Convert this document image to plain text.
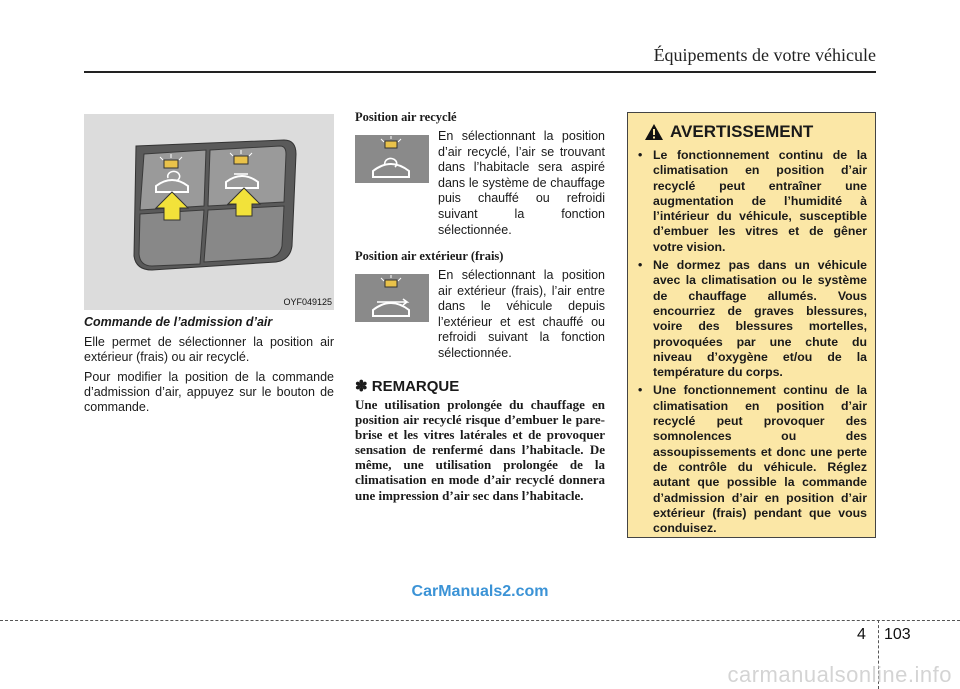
Équipements de votre véhicule
OYF049125
Commande de l’admission d’air

Elle permet de sélectionner la position air extérieur (frais) ou air recyclé.

Pour modifier la position de la commande d’admission d’air, appuyez sur le bouton de commande.

Position air recyclé
En sélectionnant la position d’air recyclé, l’air se trouvant dans l’habitacle sera aspiré dans le système de chauffage puis chauffé ou refroidi suivant la fonction sélectionnée.
Position air extérieur (frais)
En sélectionnant la position air extérieur (frais), l’air entre dans le véhicule depuis l’extérieur et est chauffé ou refroidi suivant la fonction sélectionnée.
✽ REMARQUE

Une utilisation prolongée du chauffage en position air recyclé risque d’embuer le pare-brise et les vitres latérales et de provoquer sensation de renfermé dans l’habitacle. De même, une utilisation prolongée de la climatisation en mode d’air recyclé donnera une impression d’air sec dans l’habitacle.

AVERTISSEMENT
• Le fonctionnement continu de la climatisation en position d’air recyclé peut entraîner une augmentation de l’humidité à l’intérieur du véhicule, susceptible d’embuer les vitres et de gêner votre vision.
• Ne dormez pas dans un véhicule avec la climatisation ou le système de chauffage allumés. Vous encourriez de graves blessures, voire des blessures mortelles, provoquées par une chute du niveau d’oxygène et/ou de la température du corps.
• Une fonctionnement continu de la climatisation en position d’air recyclé peut provoquer des somnolences ou des assoupissements et donc une perte de contrôle du véhicule. Réglez autant que possible la commande d’admission d’air en position d’air extérieur (frais) pendant que vous conduisez.
CarManuals2.com
4 103
carmanualsonline.info
